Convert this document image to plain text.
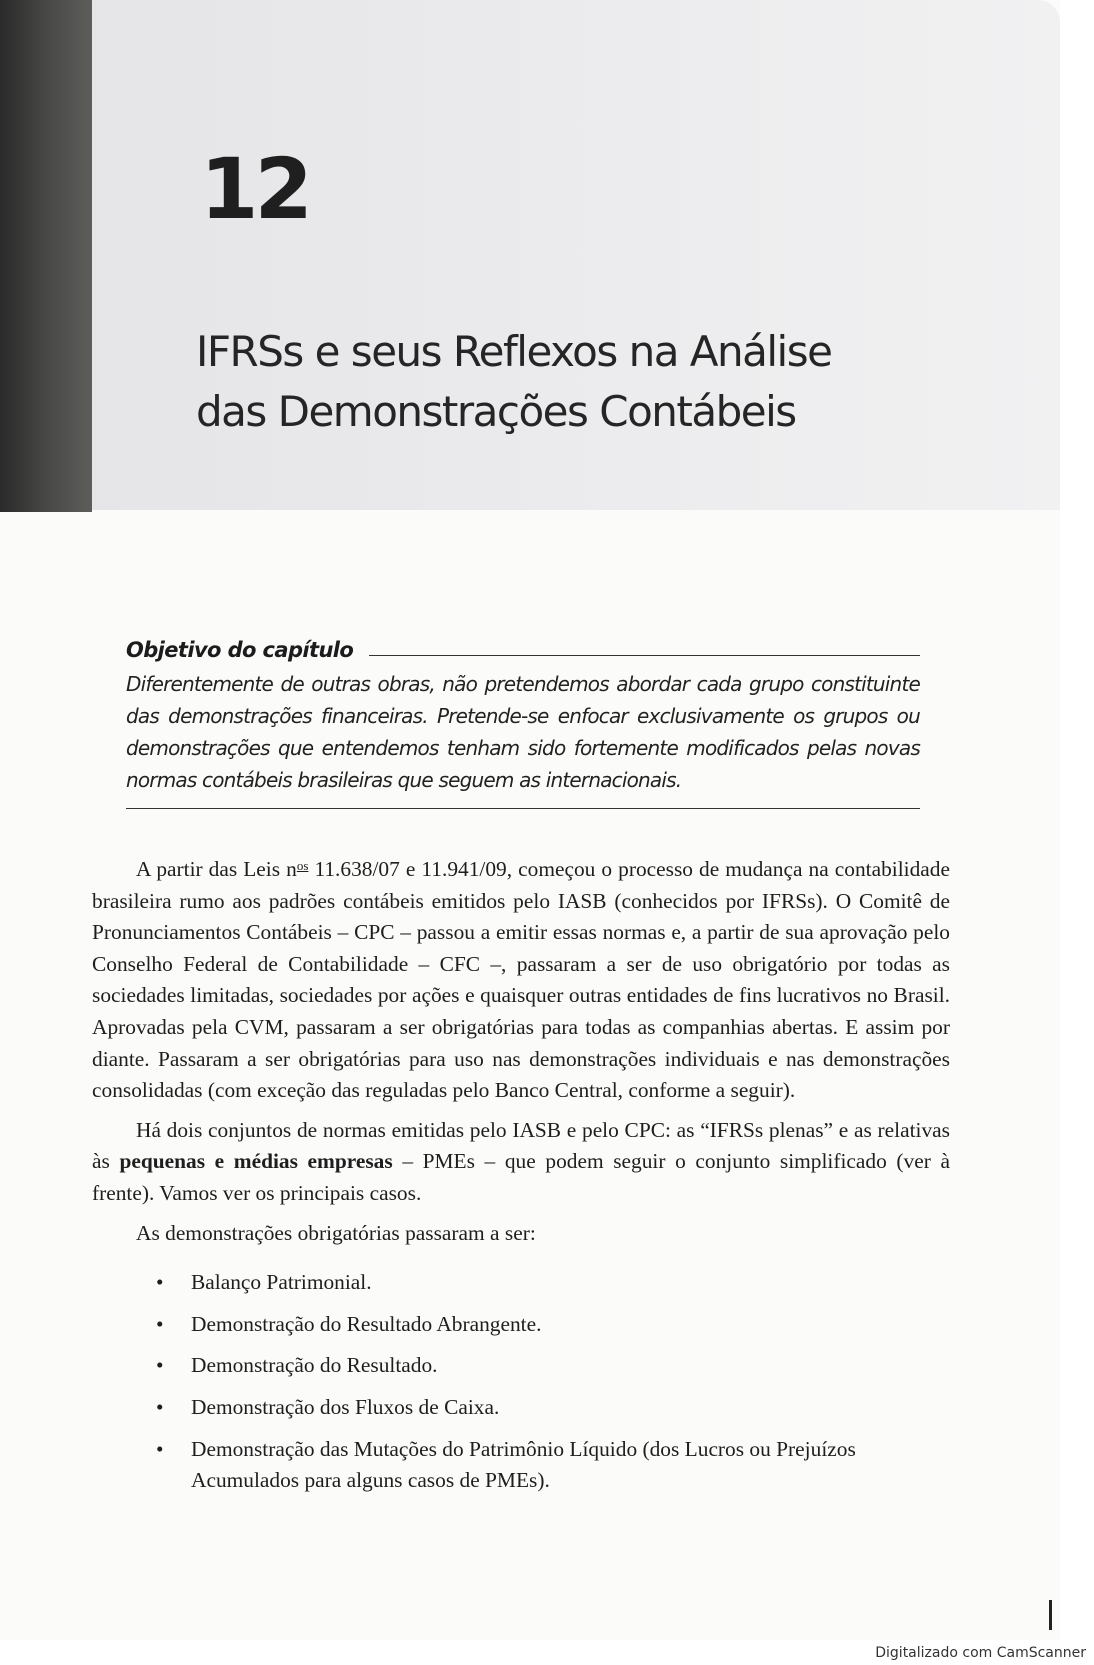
12
IFRSs e seus Reflexos na Análise
das Demonstrações Contábeis
Objetivo do capítulo
Diferentemente de outras obras, não pretendemos abordar cada grupo constituinte das demonstrações financeiras. Pretende-se enfocar exclusivamente os grupos ou demonstrações que entendemos tenham sido fortemente modificados pelas novas normas contábeis brasileiras que seguem as internacionais.

A partir das Leis $n^{os}$ 11.638/07 e 11.941/09, começou o processo de mudança na contabilidade brasileira rumo aos padrões contábeis emitidos pelo IASB (conhecidos por IFRSs). O Comitê de Pronunciamentos Contábeis – CPC – passou a emitir essas normas e, a partir de sua aprovação pelo Conselho Federal de Contabilidade – CFC –, passaram a ser de uso obrigatório por todas as sociedades limitadas, sociedades por ações e quaisquer outras entidades de fins lucrativos no Brasil. Aprovadas pela CVM, passaram a ser obrigatórias para todas as companhias abertas. E assim por diante. Passaram a ser obrigatórias para uso nas demonstrações individuais e nas demonstrações consolidadas (com exceção das reguladas pelo Banco Central, conforme a seguir).

Há dois conjuntos de normas emitidas pelo IASB e pelo CPC: as “IFRSs plenas” e as relativas às pequenas e médias empresas – PMEs – que podem seguir o conjunto simplificado (ver à frente). Vamos ver os principais casos.

As demonstrações obrigatórias passaram a ser:

• Balanço Patrimonial.
• Demonstração do Resultado Abrangente.
• Demonstração do Resultado.
• Demonstração dos Fluxos de Caixa.
• Demonstração das Mutações do Patrimônio Líquido (dos Lucros ou Prejuízos Acumulados para alguns casos de PMEs).
Digitalizado com CamScanner
